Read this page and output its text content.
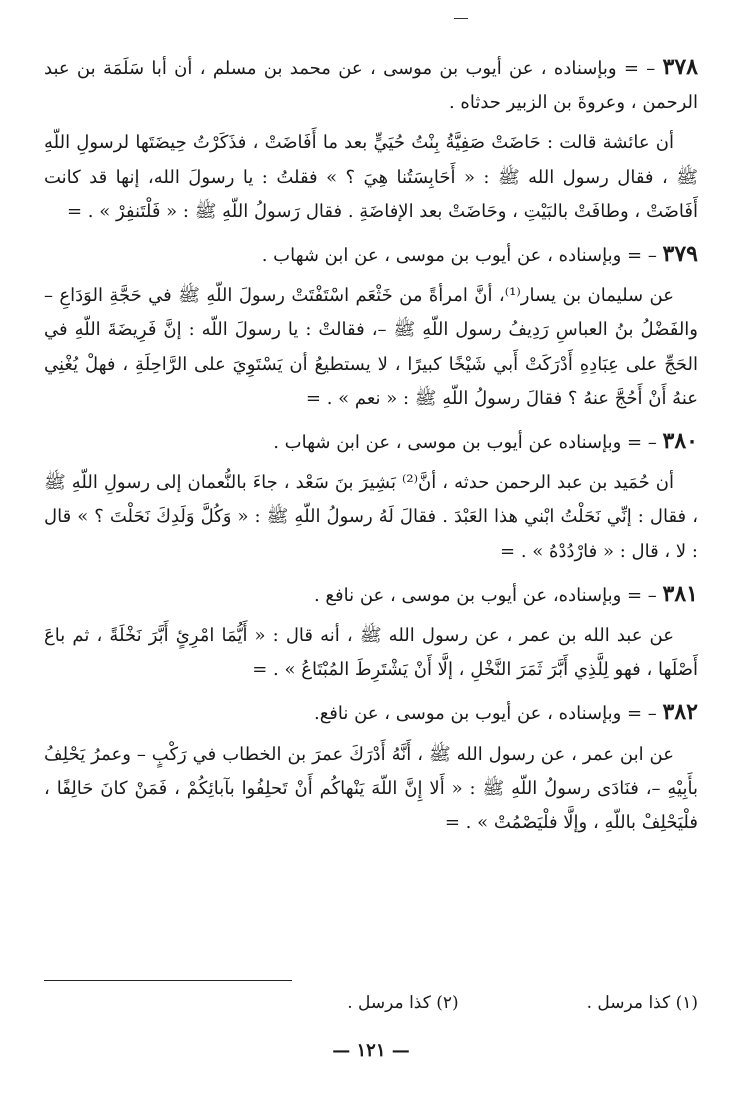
٣٧٨ – = وبإسناده ، عن أيوب بن موسى ، عن محمد بن مسلم ، أن أبا سَلَمَة بن عبد الرحمن ، وعروةَ بن الزبير حدثاه .

أن عائشة قالت : حَاضَتْ صَفِيَّةُ بِنْتُ حُيَيٍّ بعد ما أَفَاضَتْ ، فذَكَرْتُ حِيضَتَها لرسولِ اللّهِ ﷺ ، فقال رسول الله ﷺ : « أَحَابِسَتُنا هِيَ ؟ » فقلتُ : يا رسولَ الله، إنها قد كانت أَفَاضَتْ ، وطافَتْ بالبَيْتِ ، وحَاضَتْ بعد الإفاضَةِ . فقال رَسولُ اللّهِ ﷺ : « فَلْتَنفِرْ » . =

٣٧٩ – = وبإسناده ، عن أيوب بن موسى ، عن ابن شهاب .

عن سليمان بن يسار⁽¹⁾، أنَّ امرأةً من خَثْعَم اسْتَفْتَتْ رسولَ اللّهِ ﷺ في حَجَّةِ الوَدَاعِ – والفَضْلُ بنُ العباسِ رَدِيفُ رسول اللّهِ ﷺ –، فقالتْ : يا رسولَ اللّه : إنَّ فَرِيضَةَ اللّهِ في الحَجِّ على عِبَادِهِ أَدْرَكَتْ أَبي شَيْخًا كبيرًا ، لا يستطيعُ أن يَسْتَوِيَ على الرَّاحِلَةِ ، فهلْ يُغْنِي عنهُ أَنْ أَحُجَّ عنهُ ؟ فقالَ رسولُ اللّهِ ﷺ : « نعم » . =

٣٨٠ – = وبإسناده عن أيوب بن موسى ، عن ابن شهاب .

أن حُمَيد بن عبد الرحمن حدثه ، أنَّ⁽²⁾ بَشِيرَ بنَ سَعْد ، جاءَ بالنُّعمان إلى رسولِ اللّهِ ﷺ ، فقال : إنِّي نَحَلْتُ ابْني هذا العَبْدَ . فقالَ لَهُ رسولُ اللّهِ ﷺ : « وَكُلَّ وَلَدِكَ نَحَلْتَ ؟ » قال : لا ، قال : « فارْدُدْهُ » . =

٣٨١ – = وبإسناده، عن أيوب بن موسى ، عن نافع .

عن عبد الله بن عمر ، عن رسول الله ﷺ ، أنه قال : « أَيُّمَا امْرِئٍ أَبَّرَ نَخْلَةً ، ثم باعَ أَصْلَها ، فهو لِلَّذِي أَبَّرَ ثَمَرَ النَّخْلِ ، إلَّا أَنْ يَشْتَرِطَ المُبْتَاعُ » . =

٣٨٢ – = وبإسناده ، عن أيوب بن موسى ، عن نافع.

عن ابن عمر ، عن رسول الله ﷺ ، أَنَّهُ أَدْرَكَ عمرَ بن الخطاب في رَكْبٍ – وعمرُ يَحْلِفُ بأَبِيْهِ –، فنَادَى رسولُ اللّهِ ﷺ : « أَلا إِنَّ اللّهَ يَنْهاكُم أَنْ تَحلِفُوا بآبائِكُمْ ، فَمَنْ كانَ حَالِفًا ، فلْيَحْلِفْ باللّهِ ، وإلَّا فلْيَصْمُتْ » . =

(١) كذا مرسل .
(٢) كذا مرسل .
— ١٢١ —
